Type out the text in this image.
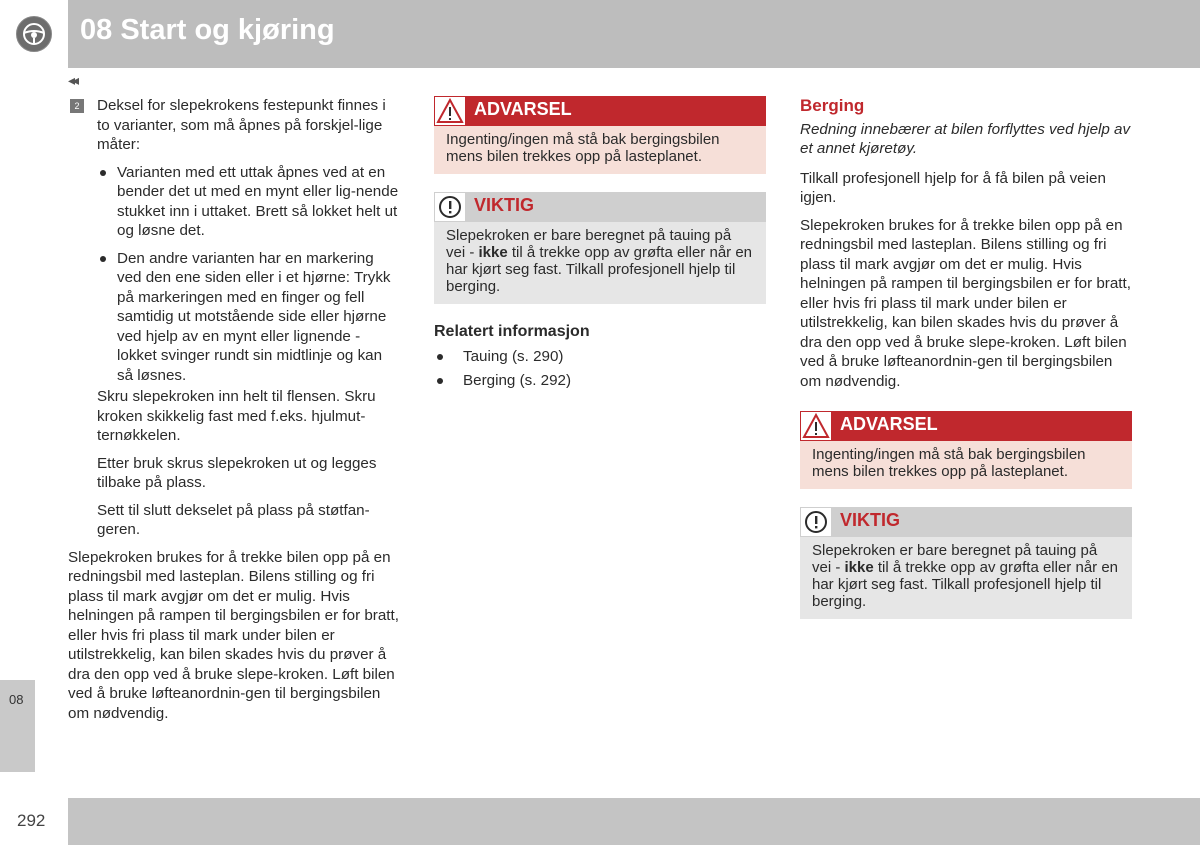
08 Start og kjøring
◂◂
2 Deksel for slepekrokens festepunkt finnes i to varianter, som må åpnes på forskjel-lige måter:
Varianten med ett uttak åpnes ved at en bender det ut med en mynt eller lig-nende stukket inn i uttaket. Brett så lokket helt ut og løsne det.
Den andre varianten har en markering ved den ene siden eller i et hjørne: Trykk på markeringen med en finger og fell samtidig ut motstående side eller hjørne ved hjelp av en mynt eller lignende - lokket svinger rundt sin midtlinje og kan så løsnes.

Skru slepekroken inn helt til flensen. Skru kroken skikkelig fast med f.eks. hjulmut-ternøkkelen.

Etter bruk skrus slepekroken ut og legges tilbake på plass.

Sett til slutt dekselet på plass på støtfan-geren.

Slepekroken brukes for å trekke bilen opp på en redningsbil med lasteplan. Bilens stilling og fri plass til mark avgjør om det er mulig. Hvis helningen på rampen til bergingsbilen er for bratt, eller hvis fri plass til mark under bilen er utilstrekkelig, kan bilen skades hvis du prøver å dra den opp ved å bruke slepe-kroken. Løft bilen ved å bruke løfteanordnin-gen til bergingsbilen om nødvendig.

ADVARSEL
Ingenting/ingen må stå bak bergingsbilen mens bilen trekkes opp på lasteplanet.
VIKTIG
Slepekroken er bare beregnet på tauing på vei - ikke til å trekke opp av grøfta eller når en har kjørt seg fast. Tilkall profesjonell hjelp til berging.
Relatert informasjon
Tauing (s. 290)
Berging (s. 292)
Berging
Redning innebærer at bilen forflyttes ved hjelp av et annet kjøretøy.

Tilkall profesjonell hjelp for å få bilen på veien igjen.

Slepekroken brukes for å trekke bilen opp på en redningsbil med lasteplan. Bilens stilling og fri plass til mark avgjør om det er mulig. Hvis helningen på rampen til bergingsbilen er for bratt, eller hvis fri plass til mark under bilen er utilstrekkelig, kan bilen skades hvis du prøver å dra den opp ved å bruke slepe-kroken. Løft bilen ved å bruke løfteanordnin-gen til bergingsbilen om nødvendig.

ADVARSEL
Ingenting/ingen må stå bak bergingsbilen mens bilen trekkes opp på lasteplanet.
VIKTIG
Slepekroken er bare beregnet på tauing på vei - ikke til å trekke opp av grøfta eller når en har kjørt seg fast. Tilkall profesjonell hjelp til berging.
08
292
